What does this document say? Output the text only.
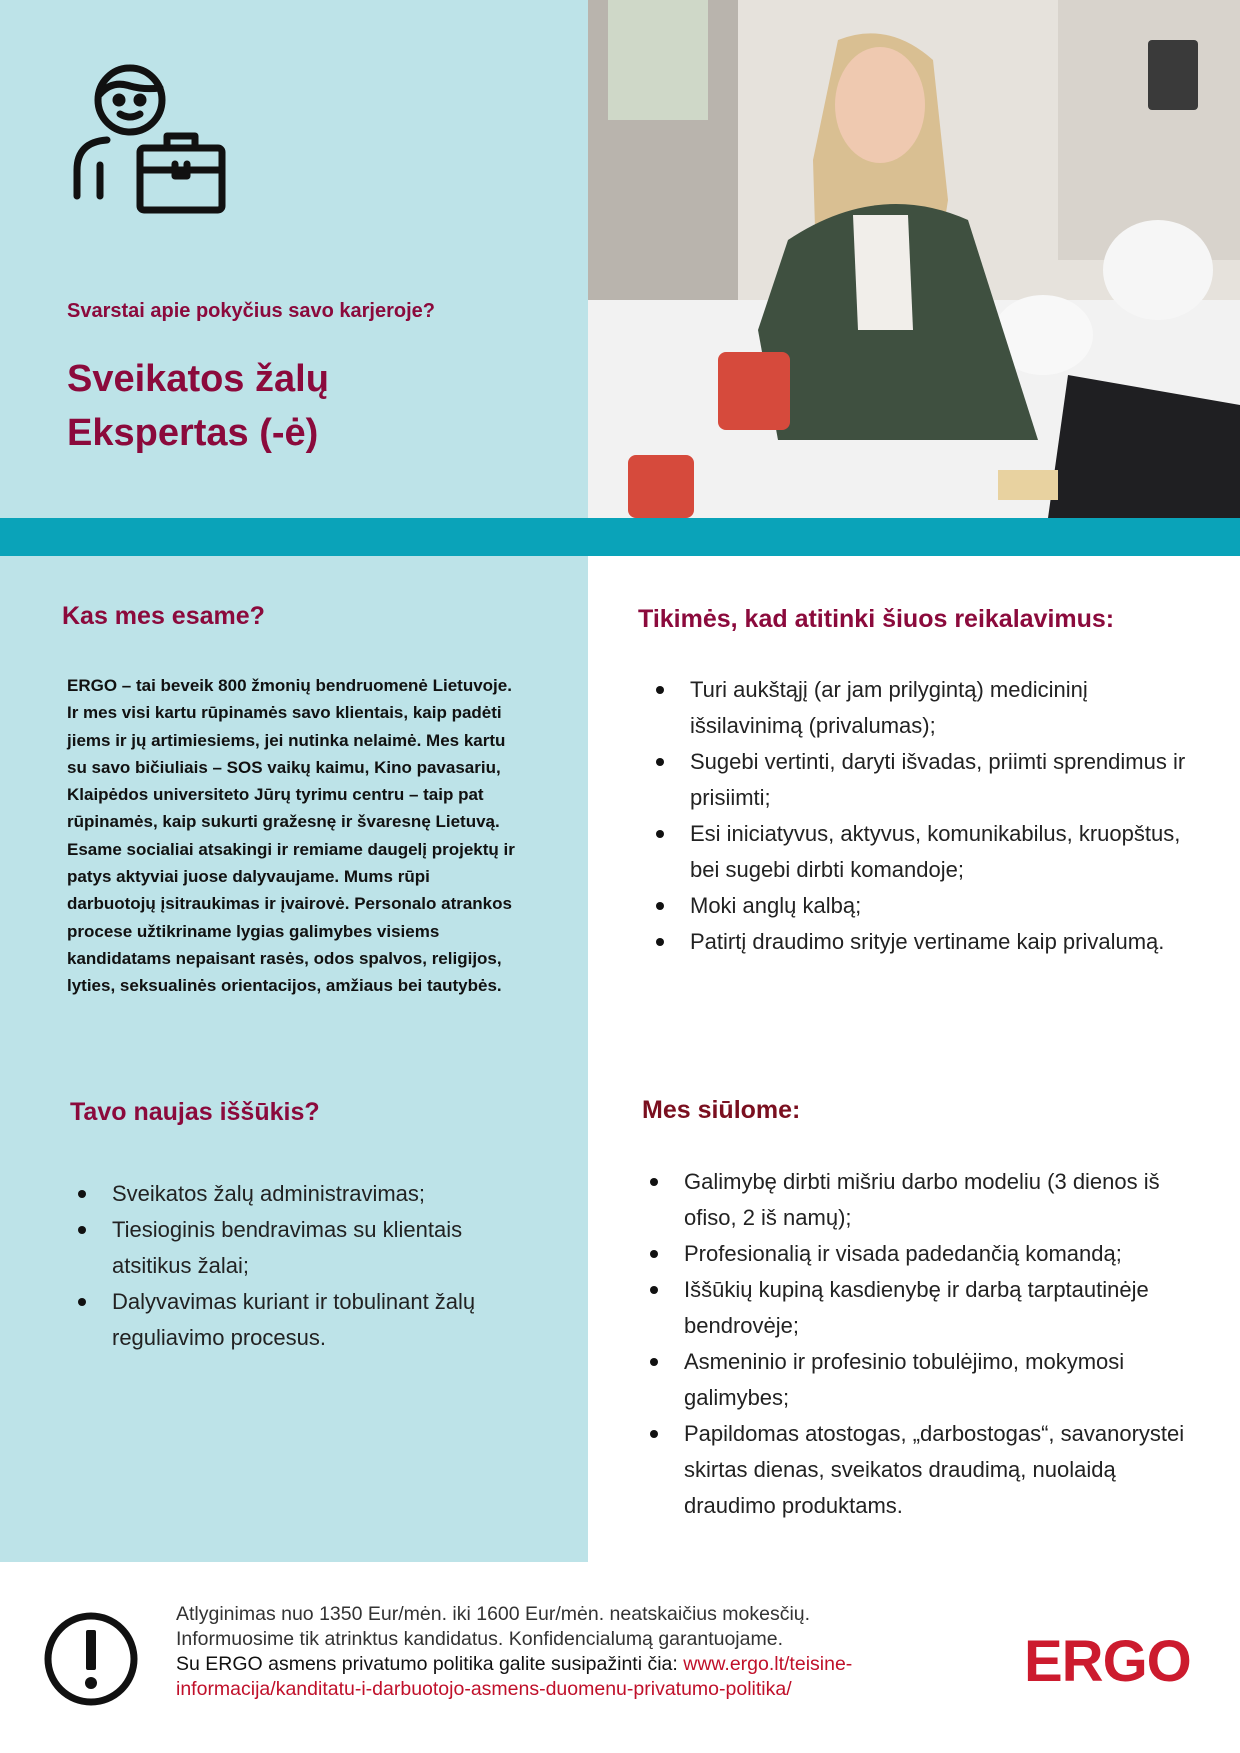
Svarstai apie pokyčius savo karjeroje?
Sveikatos žalų
Ekspertas (-ė)
Kas mes esame?
ERGO – tai beveik 800 žmonių bendruomenė Lietuvoje. Ir mes visi kartu rūpinamės savo klientais, kaip padėti jiems ir jų artimiesiems, jei nutinka nelaimė. Mes kartu su savo bičiuliais – SOS vaikų kaimu, Kino pavasariu, Klaipėdos universiteto Jūrų tyrimu centru – taip pat rūpinamės, kaip sukurti gražesnę ir švaresnę Lietuvą. Esame socialiai atsakingi ir remiame daugelį projektų ir patys aktyviai juose dalyvaujame. Mums rūpi darbuotojų įsitraukimas ir įvairovė. Personalo atrankos procese užtikriname lygias galimybes visiems kandidatams nepaisant rasės, odos spalvos, religijos, lyties, seksualinės orientacijos, amžiaus bei tautybės.
Tavo naujas iššūkis?
Sveikatos žalų administravimas;
Tiesioginis bendravimas su klientais atsitikus žalai;
Dalyvavimas kuriant ir tobulinant žalų reguliavimo procesus.
Tikimės, kad atitinki šiuos reikalavimus:
Turi aukštąjį (ar jam prilygintą) medicininį išsilavinimą (privalumas);
Sugebi vertinti, daryti išvadas, priimti sprendimus ir prisiimti;
Esi iniciatyvus, aktyvus, komunikabilus, kruopštus, bei sugebi dirbti komandoje;
Moki anglų kalbą;
Patirtį draudimo srityje vertiname kaip privalumą.
Mes siūlome:
Galimybę dirbti mišriu darbo modeliu (3 dienos iš ofiso, 2 iš namų);
Profesionalią ir visada padedančią komandą;
Iššūkių kupiną kasdienybę ir darbą tarptautinėje bendrovėje;
Asmeninio ir profesinio tobulėjimo, mokymosi galimybes;
Papildomas atostogas, „darbostogas“, savanorystei skirtas dienas, sveikatos draudimą, nuolaidą draudimo produktams.

Atlyginimas nuo 1350 Eur/mėn. iki 1600 Eur/mėn. neatskaičius mokesčių.

Informuosime tik atrinktus kandidatus. Konfidencialumą garantuojame.

Su ERGO asmens privatumo politika galite susipažinti čia: www.ergo.lt/teisine-

informacija/kanditatu-i-darbuotojo-asmens-duomenu-privatumo-politika/	ERGO
